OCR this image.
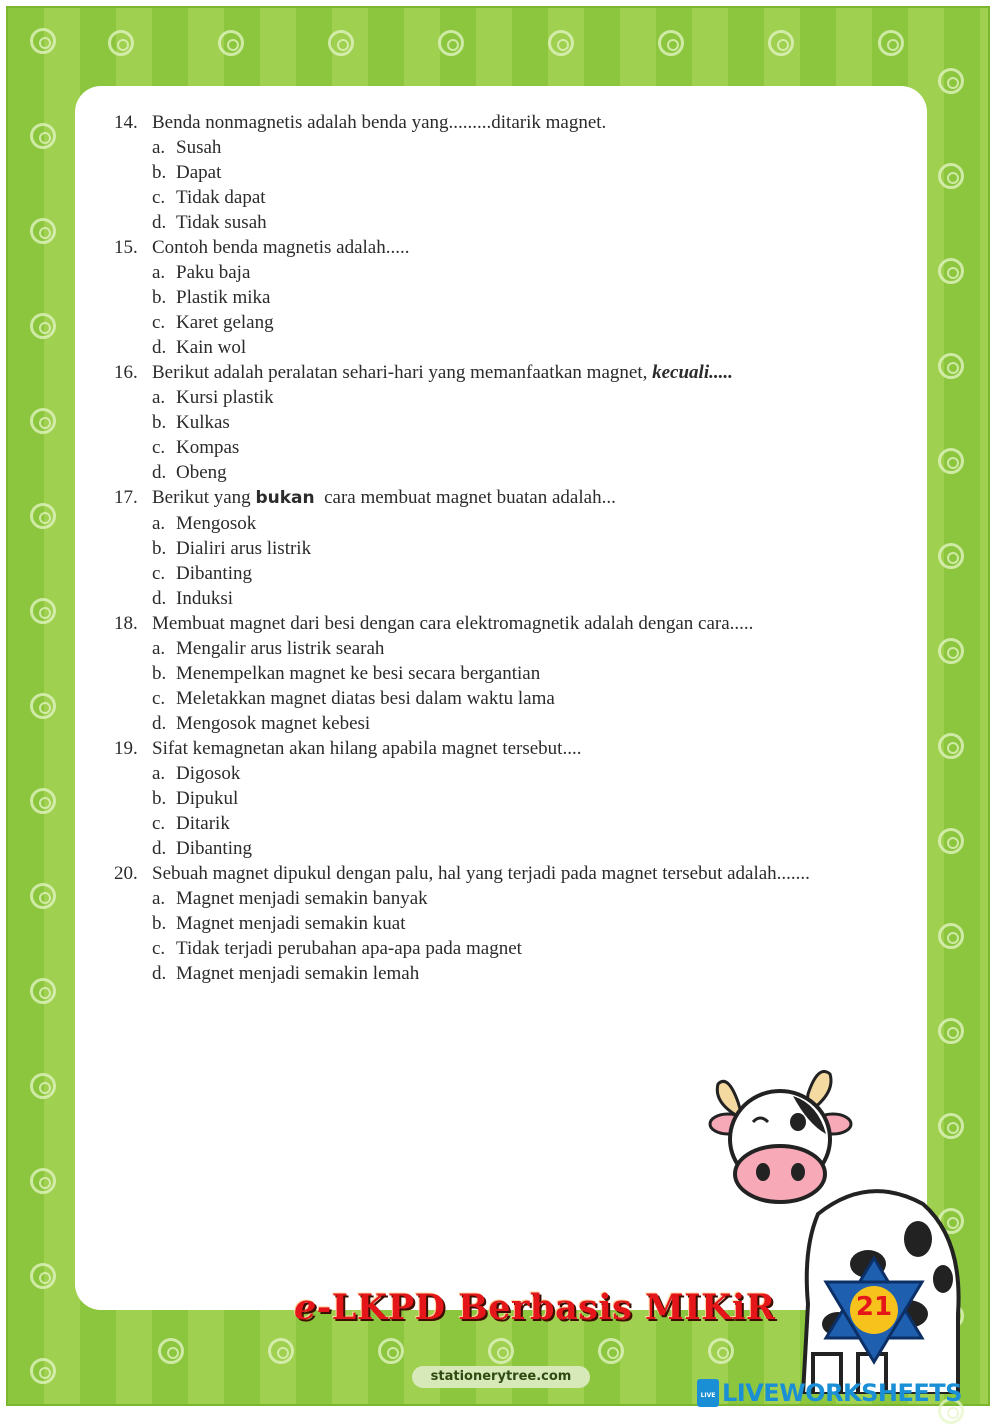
14. Benda nonmagnetis adalah benda yang.........ditarik magnet.
a. Susah
b. Dapat
c. Tidak dapat
d. Tidak susah
15. Contoh benda magnetis adalah.....
a. Paku baja
b. Plastik mika
c. Karet gelang
d. Kain wol
16. Berikut adalah peralatan sehari-hari yang memanfaatkan magnet, kecuali.....
a. Kursi plastik
b. Kulkas
c. Kompas
d. Obeng
17. Berikut yang bukan  cara membuat magnet buatan adalah...
a. Mengosok
b. Dialiri arus listrik
c. Dibanting
d. Induksi
18. Membuat magnet dari besi dengan cara elektromagnetik adalah dengan cara.....
a. Mengalir arus listrik searah
b. Menempelkan magnet ke besi secara bergantian
c. Meletakkan magnet diatas besi dalam waktu lama
d. Mengosok magnet kebesi
19. Sifat kemagnetan akan hilang apabila magnet tersebut....
a. Digosok
b. Dipukul
c. Ditarik
d. Dibanting
20. Sebuah magnet dipukul dengan palu, hal yang terjadi pada magnet tersebut adalah.......
a. Magnet menjadi semakin banyak
b. Magnet menjadi semakin kuat
c. Tidak terjadi perubahan apa-apa pada magnet
d. Magnet menjadi semakin lemah
e-LKPD Berbasis MIKiR	21
stationerytree.com
LIVE LIVEWORKSHEETS
